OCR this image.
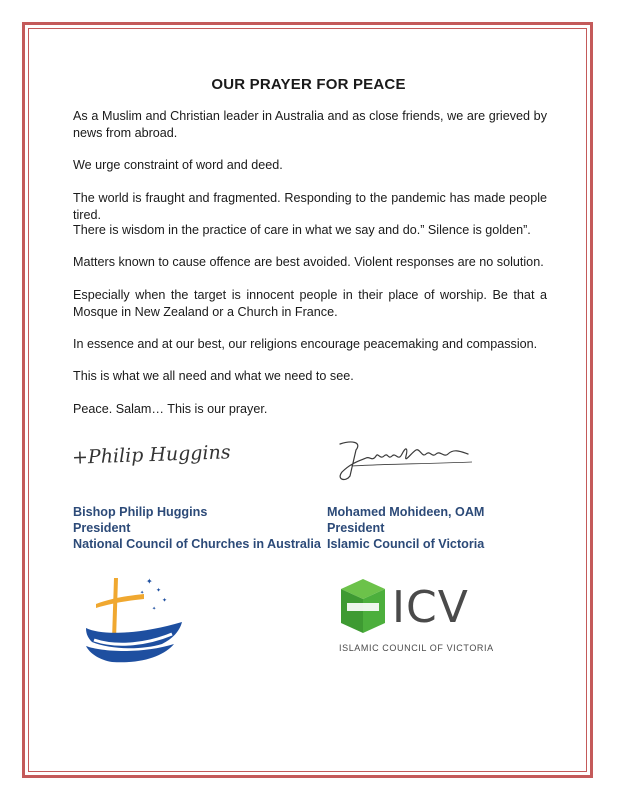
OUR PRAYER FOR PEACE

As a Muslim and Christian leader in Australia and as close friends, we are grieved by news from abroad.

We urge constraint of word and deed.

The world is fraught and fragmented. Responding to the pandemic has made people tired.

There is wisdom in the practice of care in what we say and do.” Silence is golden”.

Matters known to cause offence are best avoided. Violent responses are no solution.

Especially when the target is innocent people in their place of worship. Be that a Mosque in New Zealand or a Church in France.

In essence and at our best, our religions encourage peacemaking and compassion.

This is what we all need and what we need to see.

Peace. Salam… This is our prayer.

+Philip Huggins
Bishop Philip Huggins
President
National Council of Churches in Australia
Mohamed Mohideen, OAM
President
Islamic Council of Victoria
✦
✦
✦
✦
✦	ICV
ISLAMIC COUNCIL OF VICTORIA
